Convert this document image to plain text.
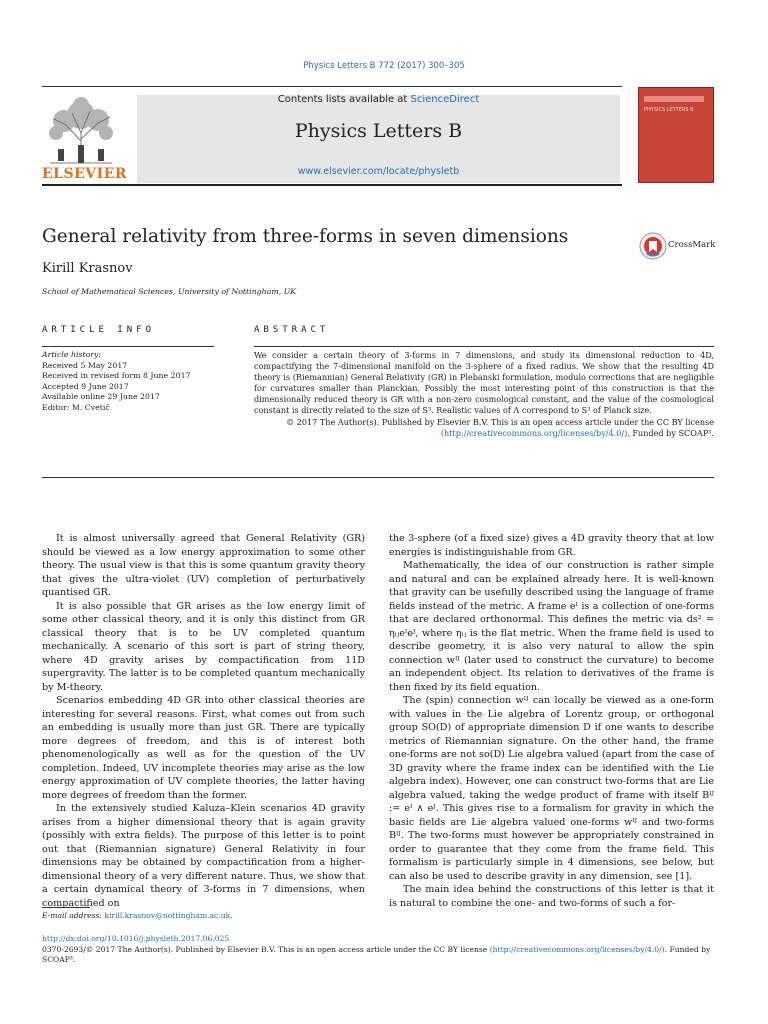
Physics Letters B 772 (2017) 300–305
ELSEVIER
Contents lists available at ScienceDirect
Physics Letters B
www.elsevier.com/locate/physletb
PHYSICS LETTERS B
General relativity from three-forms in seven dimensions	CrossMark
Kirill Krasnov
School of Mathematical Sciences, University of Nottingham, UK
ARTICLE INFO	ABSTRACT
Article history:
Received 5 May 2017
Received in revised form 8 June 2017
Accepted 9 June 2017
Available online 29 June 2017
Editor: M. Cvetič

We consider a certain theory of 3-forms in 7 dimensions, and study its dimensional reduction to 4D, compactifying the 7-dimensional manifold on the 3-sphere of a fixed radius. We show that the resulting 4D theory is (Riemannian) General Relativity (GR) in Plebanski formulation, modulo corrections that are negligible for curvatures smaller than Planckian. Possibly the most interesting point of this construction is that the dimensionally reduced theory is GR with a non-zero cosmological constant, and the value of the cosmological constant is directly related to the size of S³. Realistic values of Λ correspond to S³ of Planck size.

© 2017 The Author(s). Published by Elsevier B.V. This is an open access article under the CC BY license (http://creativecommons.org/licenses/by/4.0/). Funded by SCOAP³.

It is almost universally agreed that General Relativity (GR) should be viewed as a low energy approximation to some other theory. The usual view is that this is some quantum gravity theory that gives the ultra-violet (UV) completion of perturbatively quantised GR.

It is also possible that GR arises as the low energy limit of some other classical theory, and it is only this distinct from GR classical theory that is to be UV completed quantum mechanically. A scenario of this sort is part of string theory, where 4D gravity arises by compactification from 11D supergravity. The latter is to be completed quantum mechanically by M-theory.

Scenarios embedding 4D GR into other classical theories are interesting for several reasons. First, what comes out from such an embedding is usually more than just GR. There are typically more degrees of freedom, and this is of interest both phenomenologically as well as for the question of the UV completion. Indeed, UV incomplete theories may arise as the low energy approximation of UV complete theories, the latter having more degrees of freedom than the former.

In the extensively studied Kaluza–Klein scenarios 4D gravity arises from a higher dimensional theory that is again gravity (possibly with extra fields). The purpose of this letter is to point out that (Riemannian signature) General Relativity in four dimensions may be obtained by compactification from a higher-dimensional theory of a very different nature. Thus, we show that a certain dynamical theory of 3-forms in 7 dimensions, when compactified on

the 3-sphere (of a fixed size) gives a 4D gravity theory that at low energies is indistinguishable from GR.

Mathematically, the idea of our construction is rather simple and natural and can be explained already here. It is well-known that gravity can be usefully described using the language of frame fields instead of the metric. A frame eᴵ is a collection of one-forms that are declared orthonormal. This defines the metric via ds² = ηᵢⱼeᴵeᴶ, where ηᵢⱼ is the flat metric. When the frame field is used to describe geometry, it is also very natural to allow the spin connection wᴵᴶ (later used to construct the curvature) to become an independent object. Its relation to derivatives of the frame is then fixed by its field equation.

The (spin) connection wᴵᴶ can locally be viewed as a one-form with values in the Lie algebra of Lorentz group, or orthogonal group SO(D) of appropriate dimension D if one wants to describe metrics of Riemannian signature. On the other hand, the frame one-forms are not so(D) Lie algebra valued (apart from the case of 3D gravity where the frame index can be identified with the Lie algebra index). However, one can construct two-forms that are Lie algebra valued, taking the wedge product of frame with itself Bᴵᴶ := eᴵ ∧ eᴶ. This gives rise to a formalism for gravity in which the basic fields are Lie algebra valued one-forms wᴵᴶ and two-forms Bᴵᴶ. The two-forms must however be appropriately constrained in order to guarantee that they come from the frame field. This formalism is particularly simple in 4 dimensions, see below, but can also be used to describe gravity in any dimension, see [1].

The main idea behind the constructions of this letter is that it is natural to combine the one- and two-forms of such a for-

E-mail address: kirill.krasnov@nottingham.ac.uk.
http://dx.doi.org/10.1016/j.physletb.2017.06.025
0370-2693/© 2017 The Author(s). Published by Elsevier B.V. This is an open access article under the CC BY license (http://creativecommons.org/licenses/by/4.0/). Funded by SCOAP³.
